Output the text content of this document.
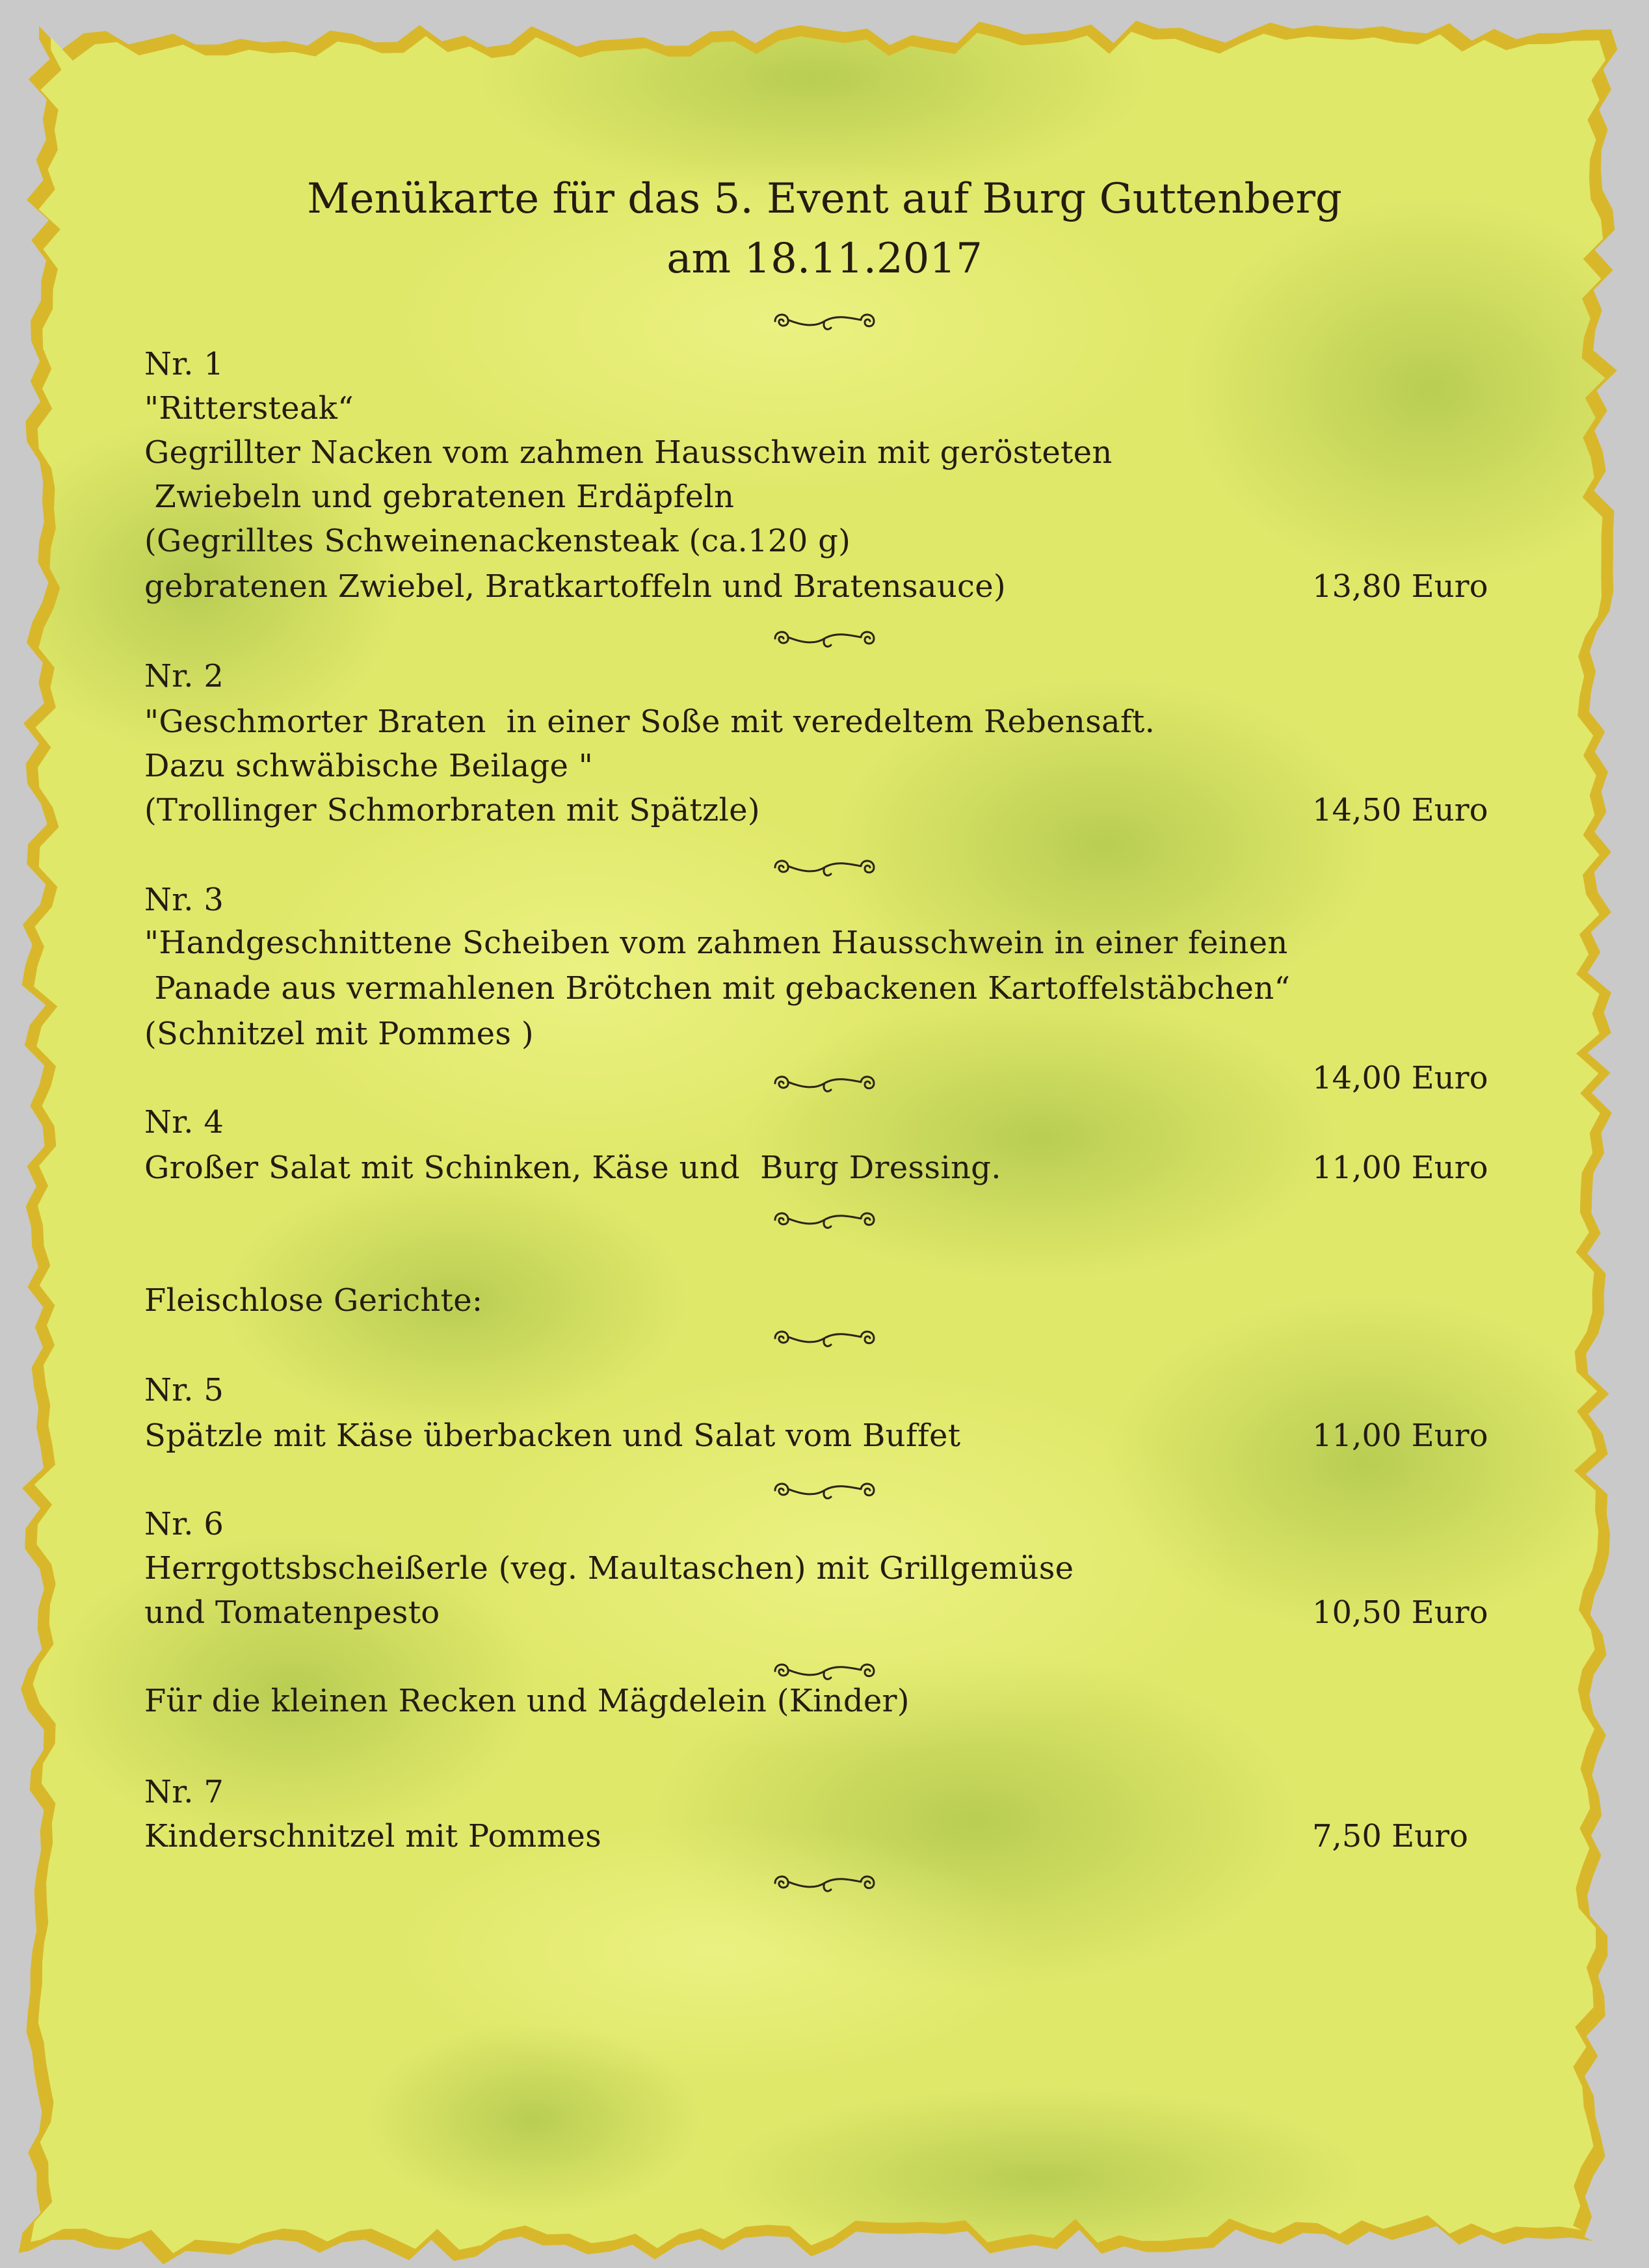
Menükarte für das 5. Event auf Burg Guttenberg
am 18.11.2017
Nr. 1
"Rittersteak“
Gegrillter Nacken vom zahmen Hausschwein mit gerösteten
Zwiebeln und gebratenen Erdäpfeln
(Gegrilltes Schweinenackensteak (ca.120 g)
gebratenen Zwiebel, Bratkartoffeln und Bratensauce)	13,80 Euro
Nr. 2
"Geschmorter Braten  in einer Soße mit veredeltem Rebensaft.
Dazu schwäbische Beilage "
(Trollinger Schmorbraten mit Spätzle)	14,50 Euro
Nr. 3
"Handgeschnittene Scheiben vom zahmen Hausschwein in einer feinen
Panade aus vermahlenen Brötchen mit gebackenen Kartoffelstäbchen“
(Schnitzel mit Pommes )
14,00 Euro
Nr. 4
Großer Salat mit Schinken, Käse und  Burg Dressing.	11,00 Euro
Fleischlose Gerichte:
Nr. 5
Spätzle mit Käse überbacken und Salat vom Buffet	11,00 Euro
Nr. 6
Herrgottsbscheißerle (veg. Maultaschen) mit Grillgemüse
und Tomatenpesto	10,50 Euro
Für die kleinen Recken und Mägdelein (Kinder)
Nr. 7
Kinderschnitzel mit Pommes	7,50 Euro
